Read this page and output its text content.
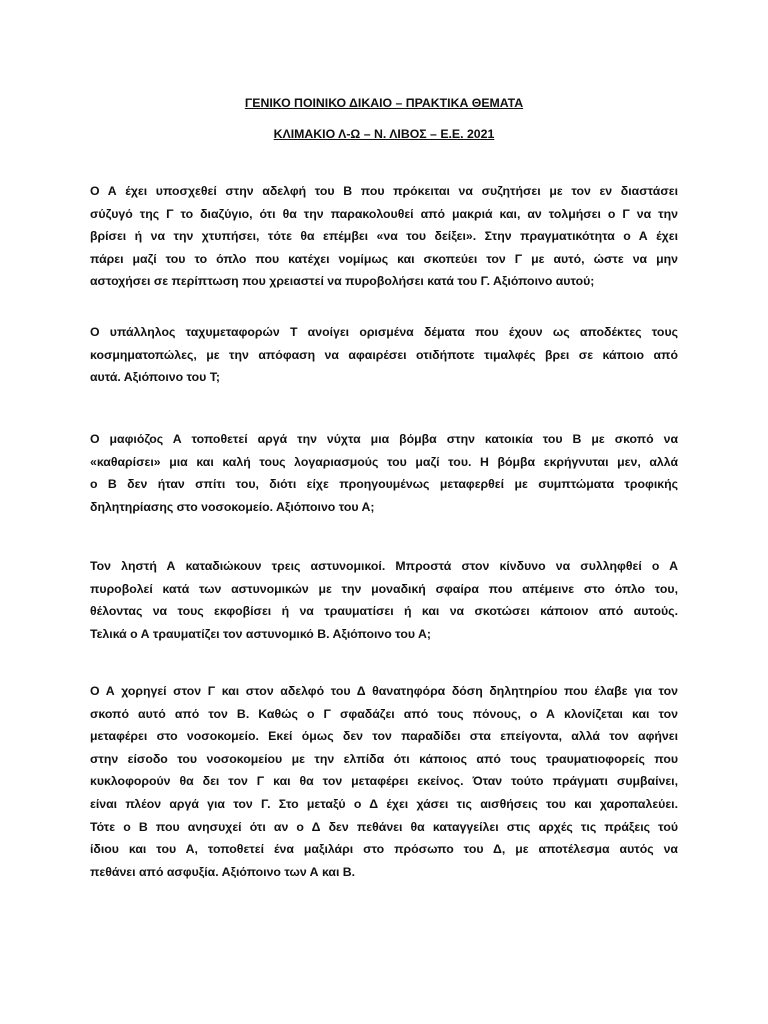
ΓΕΝΙΚΟ ΠΟΙΝΙΚΟ ΔΙΚΑΙΟ – ΠΡΑΚΤΙΚΑ ΘΕΜΑΤΑ
ΚΛΙΜΑΚΙΟ Λ-Ω – Ν. ΛΙΒΟΣ – Ε.Ε. 2021
Ο Α έχει υποσχεθεί στην αδελφή του Β που πρόκειται να συζητήσει με τον εν διαστάσει
σύζυγό της Γ το διαζύγιο, ότι θα την παρακολουθεί από μακριά και, αν τολμήσει ο Γ να την
βρίσει ή να την χτυπήσει, τότε θα επέμβει «να του δείξει». Στην πραγματικότητα ο Α έχει
πάρει μαζί του το όπλο που κατέχει νομίμως και σκοπεύει τον Γ με αυτό, ώστε να μην
αστοχήσει σε περίπτωση που χρειαστεί να πυροβολήσει κατά του Γ. Αξιόποινο αυτού;
Ο υπάλληλος ταχυμεταφορών Τ ανοίγει ορισμένα δέματα που έχουν ως αποδέκτες τους
κοσμηματοπώλες, με την απόφαση να αφαιρέσει οτιδήποτε τιμαλφές βρει σε κάποιο από
αυτά. Αξιόποινο του Τ;
Ο μαφιόζος Α τοποθετεί αργά την νύχτα μια βόμβα στην κατοικία του Β με σκοπό να
«καθαρίσει» μια και καλή τους λογαριασμούς του μαζί του. Η βόμβα εκρήγνυται μεν, αλλά
ο Β δεν ήταν σπίτι του, διότι είχε προηγουμένως μεταφερθεί με συμπτώματα τροφικής
δηλητηρίασης στο νοσοκομείο. Αξιόποινο του Α;
Τον ληστή Α καταδιώκουν τρεις αστυνομικοί. Μπροστά στον κίνδυνο να συλληφθεί ο Α
πυροβολεί κατά των αστυνομικών με την μοναδική σφαίρα που απέμεινε στο όπλο του,
θέλοντας να τους εκφοβίσει ή να τραυματίσει ή και να σκοτώσει κάποιον από αυτούς.
Τελικά ο Α τραυματίζει τον αστυνομικό Β. Αξιόποινο του Α;
Ο Α χορηγεί στον Γ και στον αδελφό του Δ θανατηφόρα δόση δηλητηρίου που έλαβε για τον
σκοπό αυτό από τον Β. Καθώς ο Γ σφαδάζει από τους πόνους, ο Α κλονίζεται και τον
μεταφέρει στο νοσοκομείο. Εκεί όμως δεν τον παραδίδει στα επείγοντα, αλλά τον αφήνει
στην είσοδο του νοσοκομείου με την ελπίδα ότι κάποιος από τους τραυματιοφορείς που
κυκλοφορούν θα δει τον Γ και θα τον μεταφέρει εκείνος. Όταν τούτο πράγματι συμβαίνει,
είναι πλέον αργά για τον Γ. Στο μεταξύ ο Δ έχει χάσει τις αισθήσεις του και χαροπαλεύει.
Τότε ο Β που ανησυχεί ότι αν ο Δ δεν πεθάνει θα καταγγείλει στις αρχές τις πράξεις τού
ίδιου και του Α, τοποθετεί ένα μαξιλάρι στο πρόσωπο του Δ, με αποτέλεσμα αυτός να
πεθάνει από ασφυξία. Αξιόποινο των Α και Β.
